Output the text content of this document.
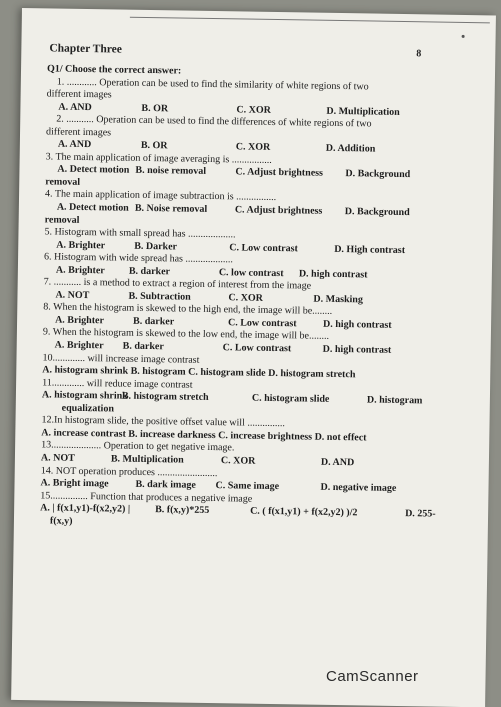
Chapter Three	8
Q1/ Choose the correct answer:
1. ............ Operation can be used to find the similarity of white regions of two
different images
A. AND	B. OR	C. XOR	D. Multiplication
2. ........... Operation can be used to find the differences of white regions of two
different images
A. AND	B. OR	C. XOR	D. Addition
3. The main application of image averaging is ................
A. Detect motion B. noise removal	C. Adjust brightness D. Background
removal
4. The main application of image subtraction is ................
A. Detect motion B. Noise removal	C. Adjust brightness D. Background
removal
5. Histogram with small spread has ...................
A. Brighter	B. Darker	C. Low contrast	D. High contrast
6. Histogram with wide spread has ...................
A. Brighter B. darker	C. low contrast D. high contrast
7. ........... is a method to extract a region of interest from the image
A. NOT	B. Subtraction	C. XOR	D. Masking
8. When the histogram is skewed to the high end, the image will be........
A. Brighter	B. darker	C. Low contrast	D. high contrast
9. When the histogram is skewed to the low end, the image will be........
A. Brighter B. darker	C. Low contrast	D. high contrast
10............. will increase image contrast
A. histogram shrink B. histogram C. histogram slide D. histogram stretch
11............. will reduce image contrast
A. histogram shrink
B. histogram stretch	C. histogram slide	D. histogram
equalization
12.In histogram slide, the positive offset value will ...............
A. increase contrast B. increase darkness C. increase brightness D. not effect
13.................... Operation to get negative image.
A. NOT	B. Multiplication	C. XOR	D. AND
14. NOT operation produces ........................
A. Bright image	B. dark image C. Same image	D. negative image
15............... Function that produces a negative image
A. | f(x1,y1)-f(x2,y2) | B. f(x,y)*255	C. ( f(x1,y1) + f(x2,y2) )/2	D. 255-
f(x,y)
CamScanner
